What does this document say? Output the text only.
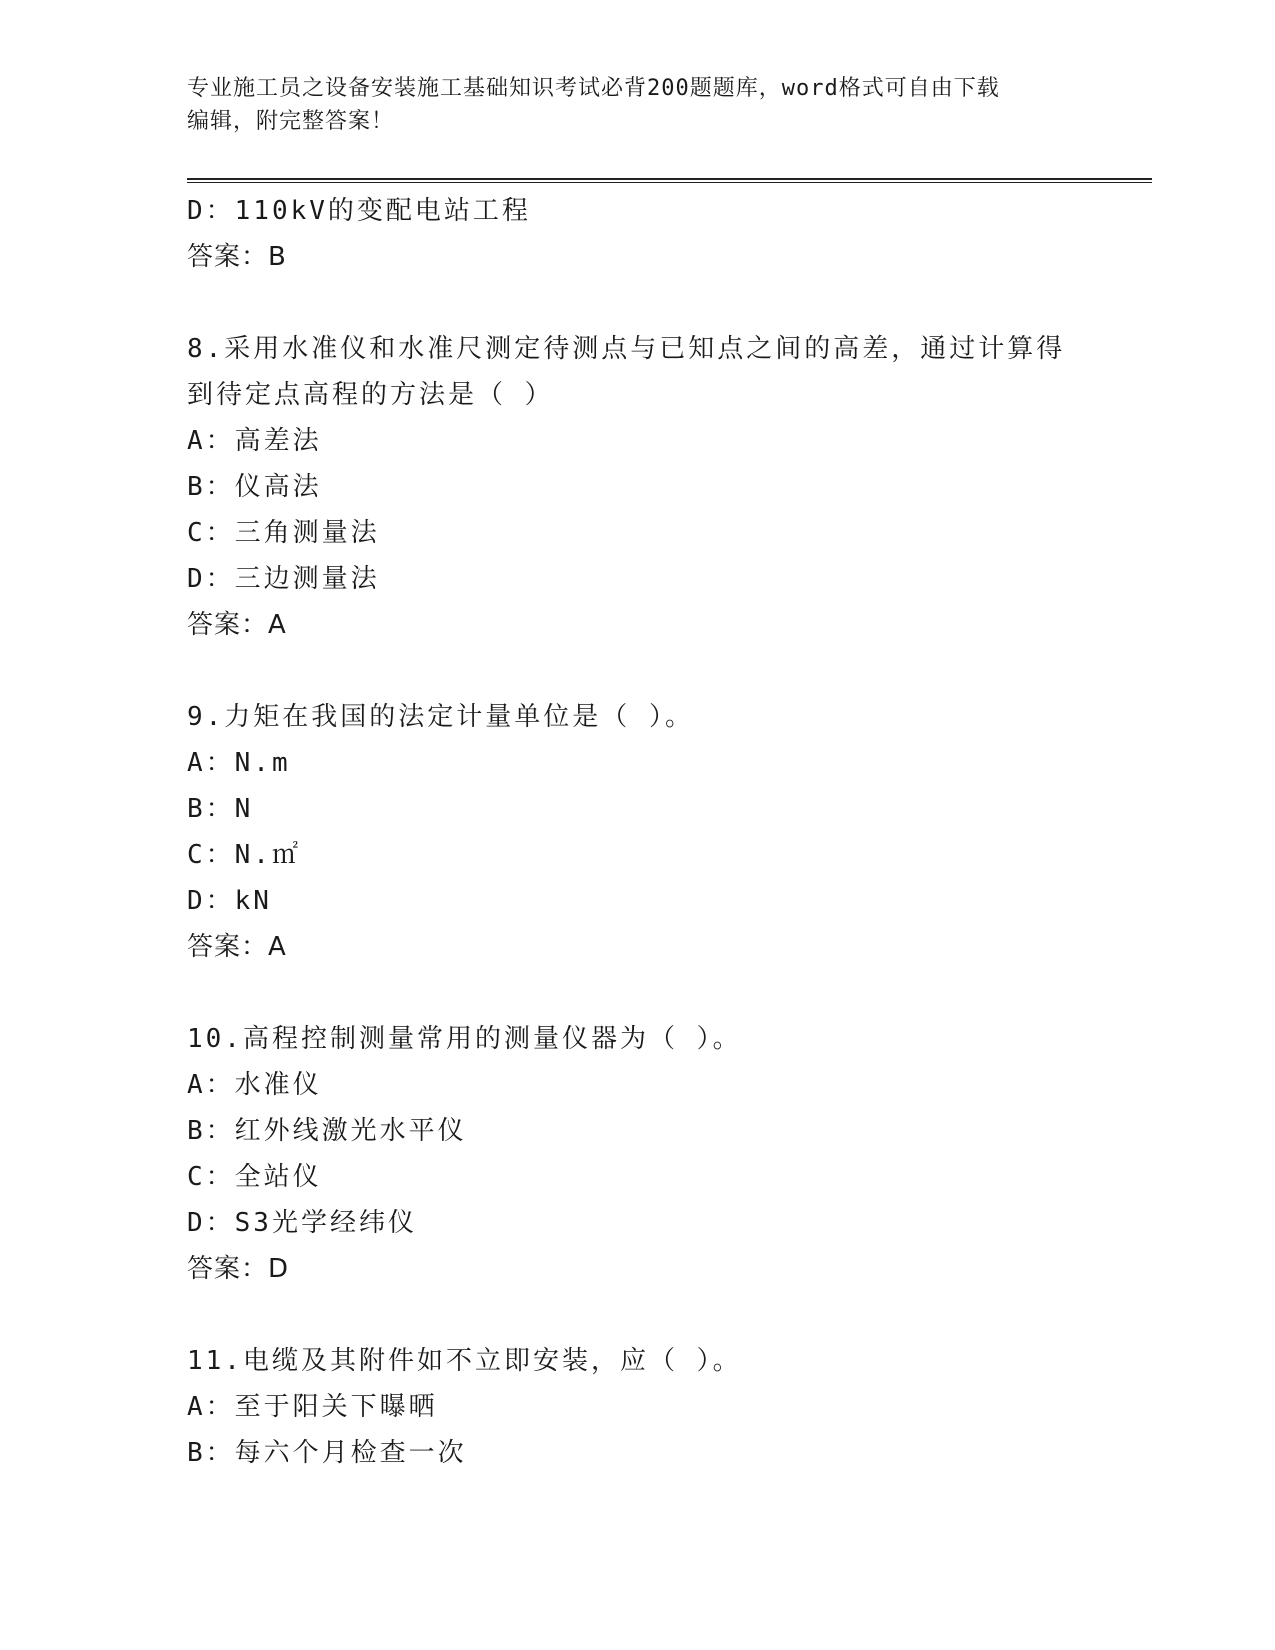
专业施工员之设备安装施工基础知识考试必背200题题库，word格式可自由下载
编辑，附完整答案！
D：110kV的变配电站工程
答案：B
8.采用水准仪和水准尺测定待测点与已知点之间的高差，通过计算得
到待定点高程的方法是（ ）
A：高差法
B：仪高法
C：三角测量法
D：三边测量法
答案：A
9.力矩在我国的法定计量单位是（ ）。
A：N.m
B：N
C：N.㎡
D：kN
答案：A
10.高程控制测量常用的测量仪器为（ ）。
A：水准仪
B：红外线激光水平仪
C：全站仪
D：S3光学经纬仪
答案：D
11.电缆及其附件如不立即安装，应（ ）。
A：至于阳关下曝晒
B：每六个月检查一次
